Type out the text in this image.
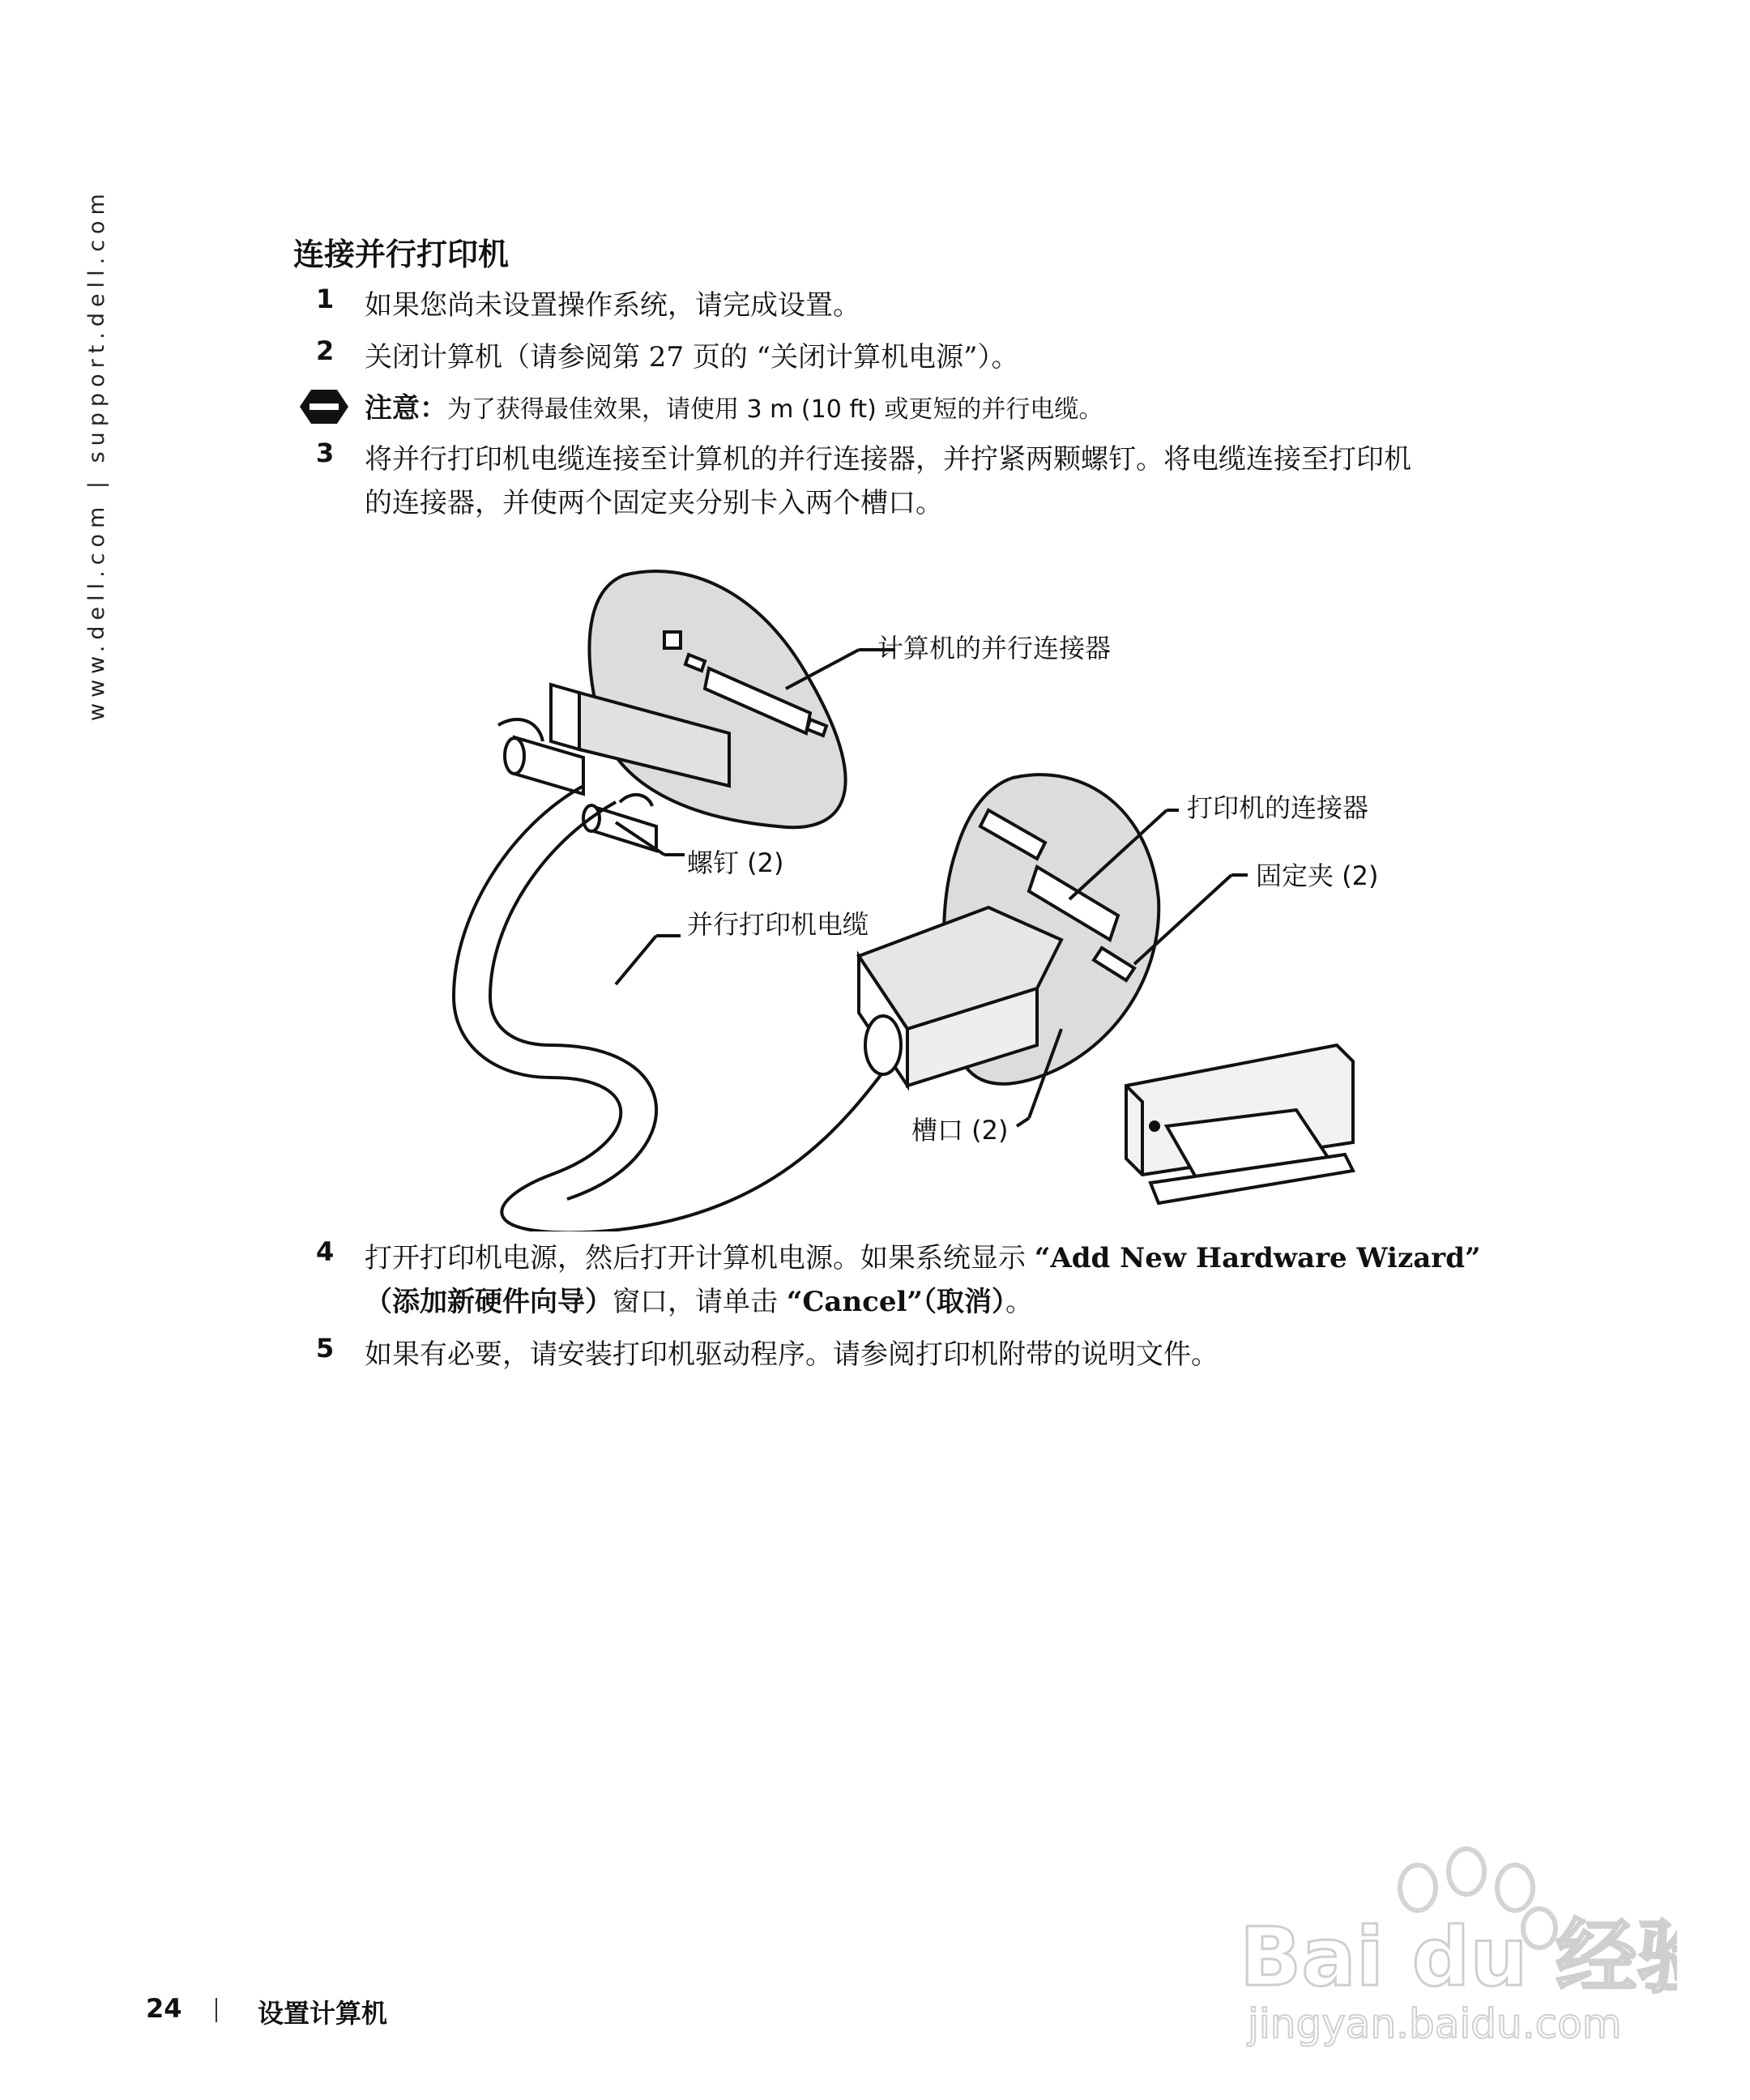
www.dell.com | support.dell.com	连接并行打印机
1 如果您尚未设置操作系统，请完成设置。
2 关闭计算机（请参阅第 27 页的 “关闭计算机电源”）。
注意：为了获得最佳效果，请使用 3 m (10 ft) 或更短的并行电缆。
3 将并行打印机电缆连接至计算机的并行连接器，并拧紧两颗螺钉。将电缆连接至打印机
的连接器，并使两个固定夹分别卡入两个槽口。
计算机的并行连接器
打印机的连接器
固定夹 (2)
螺钉 (2)
并行打印机电缆
槽口 (2)
4 打开打印机电源，然后打开计算机电源。如果系统显示 “Add New Hardware Wizard”
（添加新硬件向导）窗口，请单击 “Cancel”（取消）。
5 如果有必要，请安装打印机驱动程序。请参阅打印机附带的说明文件。
Bai du 经验
jingyan.baidu.com
24	设置计算机
